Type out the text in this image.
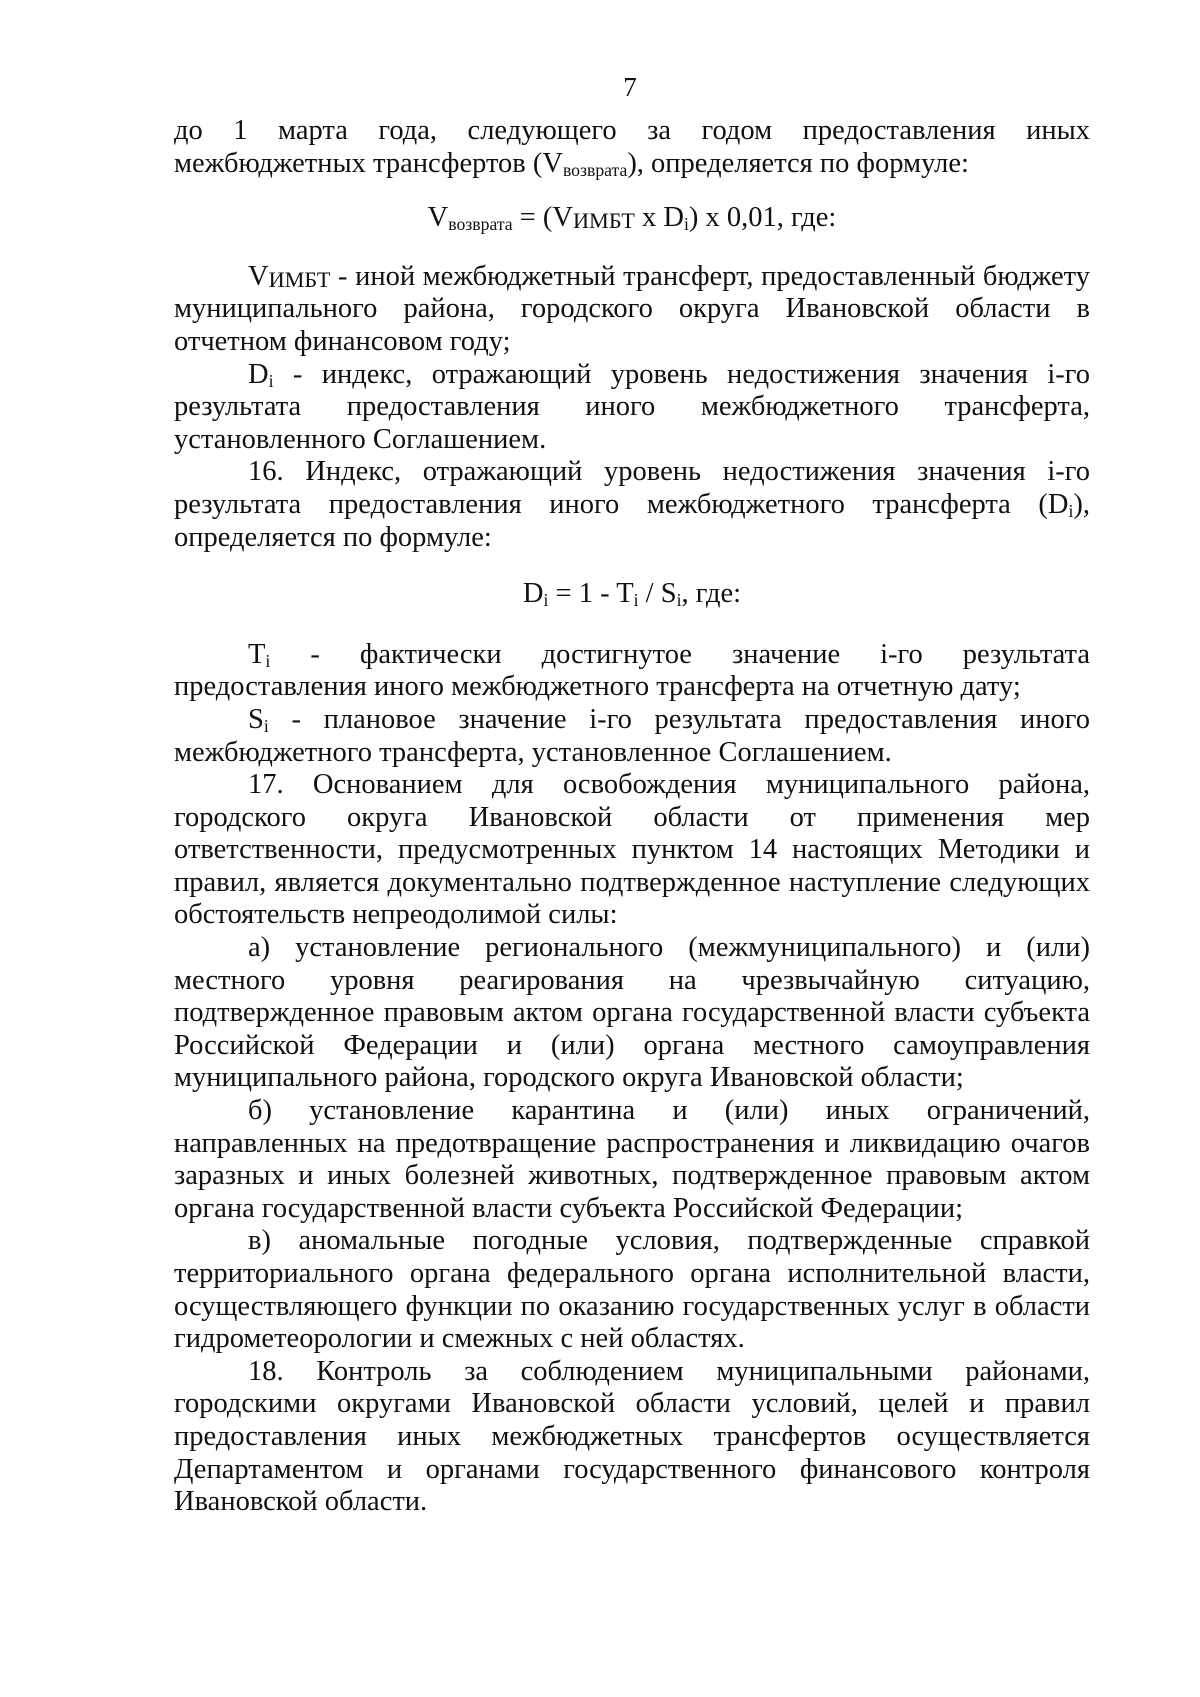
7

до 1 марта года, следующего за годом предоставления иных межбюджетных трансфертов $(V_{возврата})$, определяется по формуле:

$V_{возврата}$ = (VИМБТ x $D_i$) x 0,01, где:

VИМБТ - иной межбюджетный трансферт, предоставленный бюджету муниципального района, городского округа Ивановской области в отчетном финансовом году;

$D_i$ - индекс, отражающий уровень недостижения значения i-го результата предоставления иного межбюджетного трансферта, установленного Соглашением.

16. Индекс, отражающий уровень недостижения значения i-го результата предоставления иного межбюджетного трансферта $(D_i)$, определяется по формуле:

$D_i = 1 - T_i / S_i$, где:

$T_i$ - фактически достигнутое значение i-го результата предоставления иного межбюджетного трансферта на отчетную дату;

$S_i$ - плановое значение i-го результата предоставления иного межбюджетного трансферта, установленное Соглашением.

17. Основанием для освобождения муниципального района, городского округа Ивановской области от применения мер ответственности, предусмотренных пунктом 14 настоящих Методики и правил, является документально подтвержденное наступление следующих обстоятельств непреодолимой силы:

а) установление регионального (межмуниципального) и (или) местного уровня реагирования на чрезвычайную ситуацию, подтвержденное правовым актом органа государственной власти субъекта Российской Федерации и (или) органа местного самоуправления муниципального района, городского округа Ивановской области;

б) установление карантина и (или) иных ограничений, направленных на предотвращение распространения и ликвидацию очагов заразных и иных болезней животных, подтвержденное правовым актом органа государственной власти субъекта Российской Федерации;

в) аномальные погодные условия, подтвержденные справкой территориального органа федерального органа исполнительной власти, осуществляющего функции по оказанию государственных услуг в области гидрометеорологии и смежных с ней областях.

18. Контроль за соблюдением муниципальными районами, городскими округами Ивановской области условий, целей и правил предоставления иных межбюджетных трансфертов осуществляется Департаментом и органами государственного финансового контроля Ивановской области.
